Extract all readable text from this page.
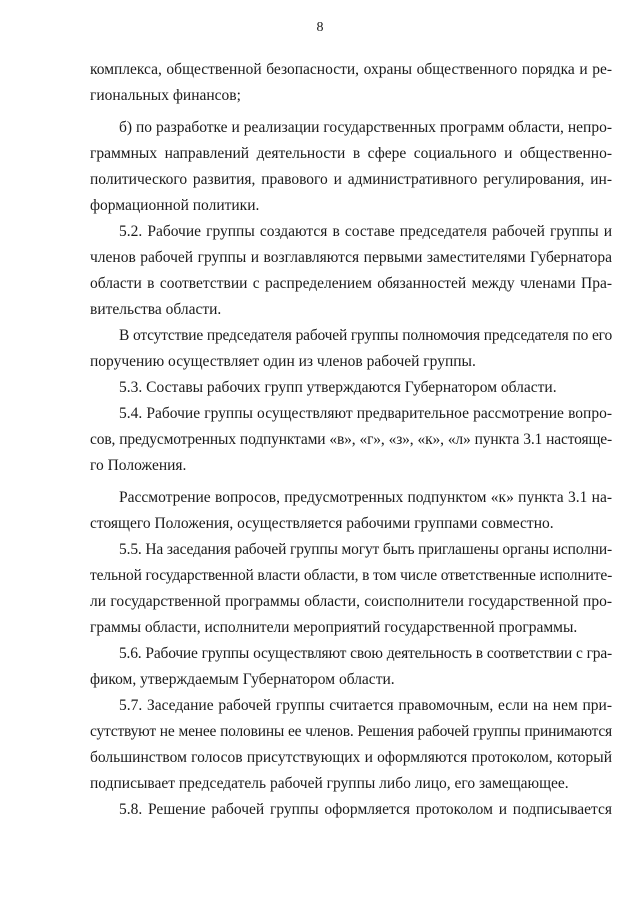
8
комплекса, общественной безопасности, охраны общественного порядка и ре-
гиональных финансов;
б) по разработке и реализации государственных программ области, непро-
граммных направлений деятельности в сфере социального и общественно-
политического развития, правового и административного регулирования, ин-
формационной политики.
5.2. Рабочие группы создаются в составе председателя рабочей группы и
членов рабочей группы и возглавляются первыми заместителями Губернатора
области в соответствии с распределением обязанностей между членами Пра-
вительства области.
В отсутствие председателя рабочей группы полномочия председателя по его
поручению осуществляет один из членов рабочей группы.
5.3. Составы рабочих групп утверждаются Губернатором области.
5.4. Рабочие группы осуществляют предварительное рассмотрение вопро-
сов, предусмотренных подпунктами «в», «г», «з», «к», «л» пункта 3.1 настояще-
го Положения.
Рассмотрение вопросов, предусмотренных подпунктом «к» пункта 3.1 на-
стоящего Положения, осуществляется рабочими группами совместно.
5.5. На заседания рабочей группы могут быть приглашены органы исполни-
тельной государственной власти области, в том числе ответственные исполните-
ли государственной программы области, соисполнители государственной про-
граммы области, исполнители мероприятий государственной программы.
5.6. Рабочие группы осуществляют свою деятельность в соответствии с гра-
фиком, утверждаемым Губернатором области.
5.7. Заседание рабочей группы считается правомочным, если на нем при-
сутствуют не менее половины ее членов. Решения рабочей группы принимаются
большинством голосов присутствующих и оформляются протоколом, который
подписывает председатель рабочей группы либо лицо, его замещающее.
5.8. Решение рабочей группы оформляется протоколом и подписывается
